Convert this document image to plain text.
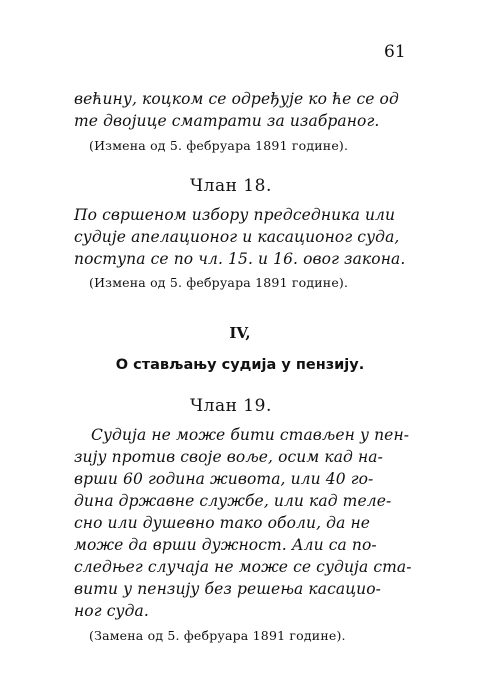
61
већину, коцком се одређује ко ће се од
те двојице сматрати за изабраног.
(Измена од 5. фебруара 1891 године).
Члан 18.
По свршеном избору председника или
судије апелационог и касационог суда,
поступа се по чл. 15. и 16. овог закона.
(Измена од 5. фебруара 1891 године).
IV,
О стављању судија у пензију.
Члан 19.
Судија не може бити стављен у пен-
зију против своје воље, осим кад на-
врши 60 година живота, или 40 го-
дина државне службе, или кад теле-
сно или душевно тако оболи, да не
може да врши дужност. Али са по-
следњег случаја не може се судија ста-
вити у пензију без решења касацио-
ног суда.
(Замена од 5. фебруара 1891 године).
